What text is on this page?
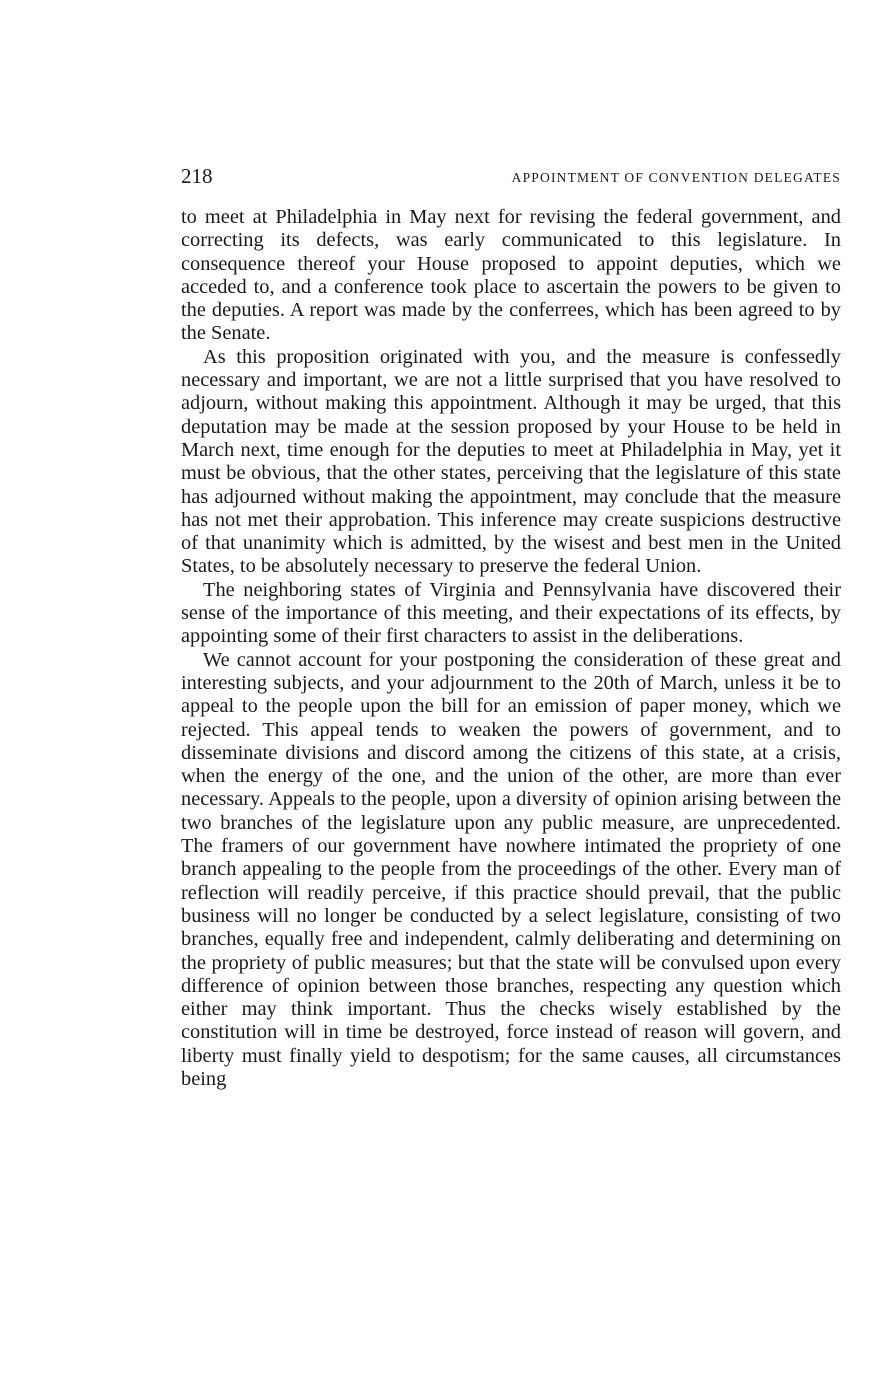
218	APPOINTMENT OF CONVENTION DELEGATES

to meet at Philadelphia in May next for revising the federal government, and correcting its defects, was early communicated to this legislature. In consequence thereof your House proposed to appoint deputies, which we acceded to, and a conference took place to ascertain the powers to be given to the deputies. A report was made by the conferrees, which has been agreed to by the Senate.

As this proposition originated with you, and the measure is confessedly necessary and important, we are not a little surprised that you have resolved to adjourn, without making this appointment. Although it may be urged, that this deputation may be made at the session proposed by your House to be held in March next, time enough for the deputies to meet at Philadelphia in May, yet it must be obvious, that the other states, perceiving that the legislature of this state has adjourned without making the appointment, may conclude that the measure has not met their approbation. This inference may create suspicions destructive of that unanimity which is admitted, by the wisest and best men in the United States, to be absolutely necessary to preserve the federal Union.

The neighboring states of Virginia and Pennsylvania have discovered their sense of the importance of this meeting, and their expectations of its effects, by appointing some of their first characters to assist in the deliberations.

We cannot account for your postponing the consideration of these great and interesting subjects, and your adjournment to the 20th of March, unless it be to appeal to the people upon the bill for an emission of paper money, which we rejected. This appeal tends to weaken the powers of government, and to disseminate divisions and discord among the citizens of this state, at a crisis, when the energy of the one, and the union of the other, are more than ever necessary. Appeals to the people, upon a diversity of opinion arising between the two branches of the legislature upon any public measure, are unprecedented. The framers of our government have nowhere intimated the propriety of one branch appealing to the people from the proceedings of the other. Every man of reflection will readily perceive, if this practice should prevail, that the public business will no longer be conducted by a select legislature, consisting of two branches, equally free and independent, calmly deliberating and determining on the propriety of public measures; but that the state will be convulsed upon every difference of opinion between those branches, respecting any question which either may think important. Thus the checks wisely established by the constitution will in time be destroyed, force instead of reason will govern, and liberty must finally yield to despotism; for the same causes, all circumstances being
